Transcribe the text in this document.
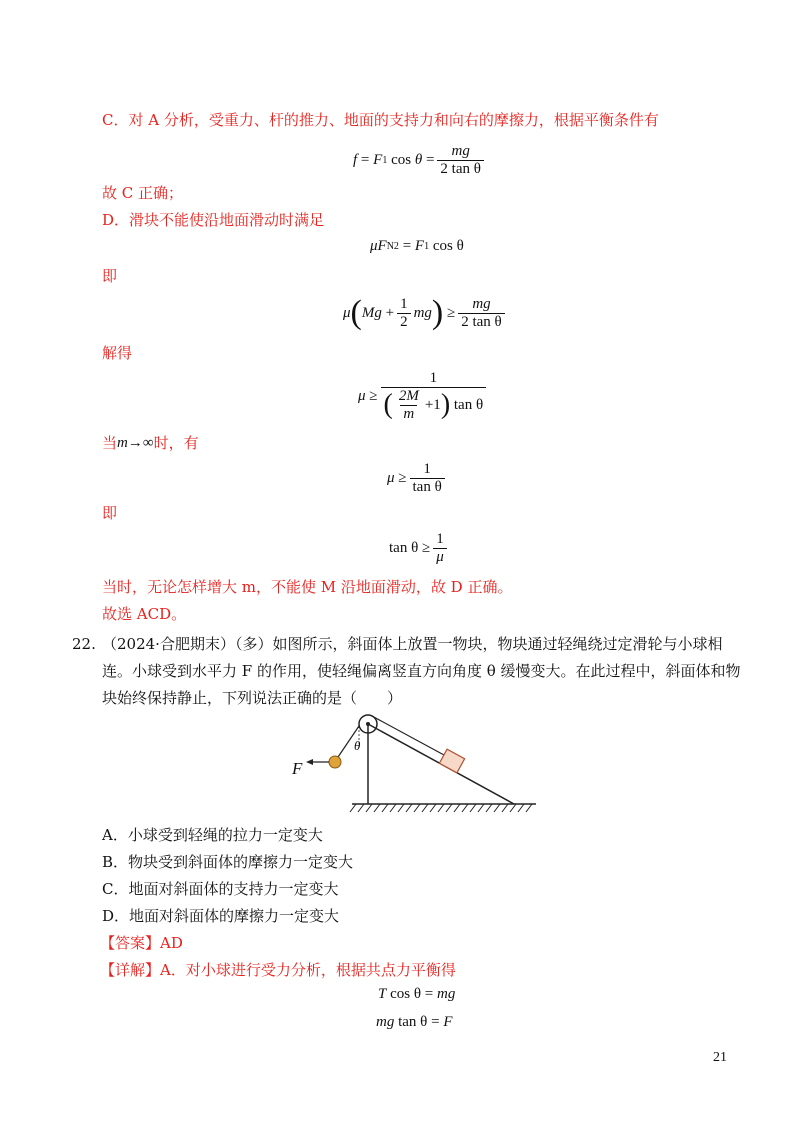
C．对 A 分析，受重力、杆的推力、地面的支持力和向右的摩擦力，根据平衡条件有
f
=
F 1
cos
θ
= $\frac{mg}{\text{2 tan θ}}$
故 C 正确；
D．滑块不能使沿地面滑动时满足
μ F N2
=
F 1
cos θ
即
μ ( Mg
+ $\frac{1}{2}$ mg )
≥ $\frac{mg}{\text{2 tan θ}}$
解得
μ
≥ 1
( $\frac{2M}{m} +1$ )
tan θ
当 m →∞ 时，有
μ
≥ $\frac{1}{\text{tan θ}}$
即
tan θ
≥ $\frac{1}{\mu}$
当时，无论怎样增大 m，不能使 M 沿地面滑动，故 D 正确。
故选 ACD。
22. （2024·合肥期末）（多）如图所示，斜面体上放置一物块，物块通过轻绳绕过定滑轮与小球相
连。小球受到水平力 F 的作用，使轻绳偏离竖直方向角度 θ 缓慢变大。在此过程中，斜面体和物
块始终保持静止，下列说法正确的是（　　）
F
θ
A．小球受到轻绳的拉力一定变大
B．物块受到斜面体的摩擦力一定变大
C．地面对斜面体的支持力一定变大
D．地面对斜面体的摩擦力一定变大
【答案】 AD
【详解】 A．对小球进行受力分析，根据共点力平衡得
T
cos θ
=
mg
mg
tan θ
=
F
21
